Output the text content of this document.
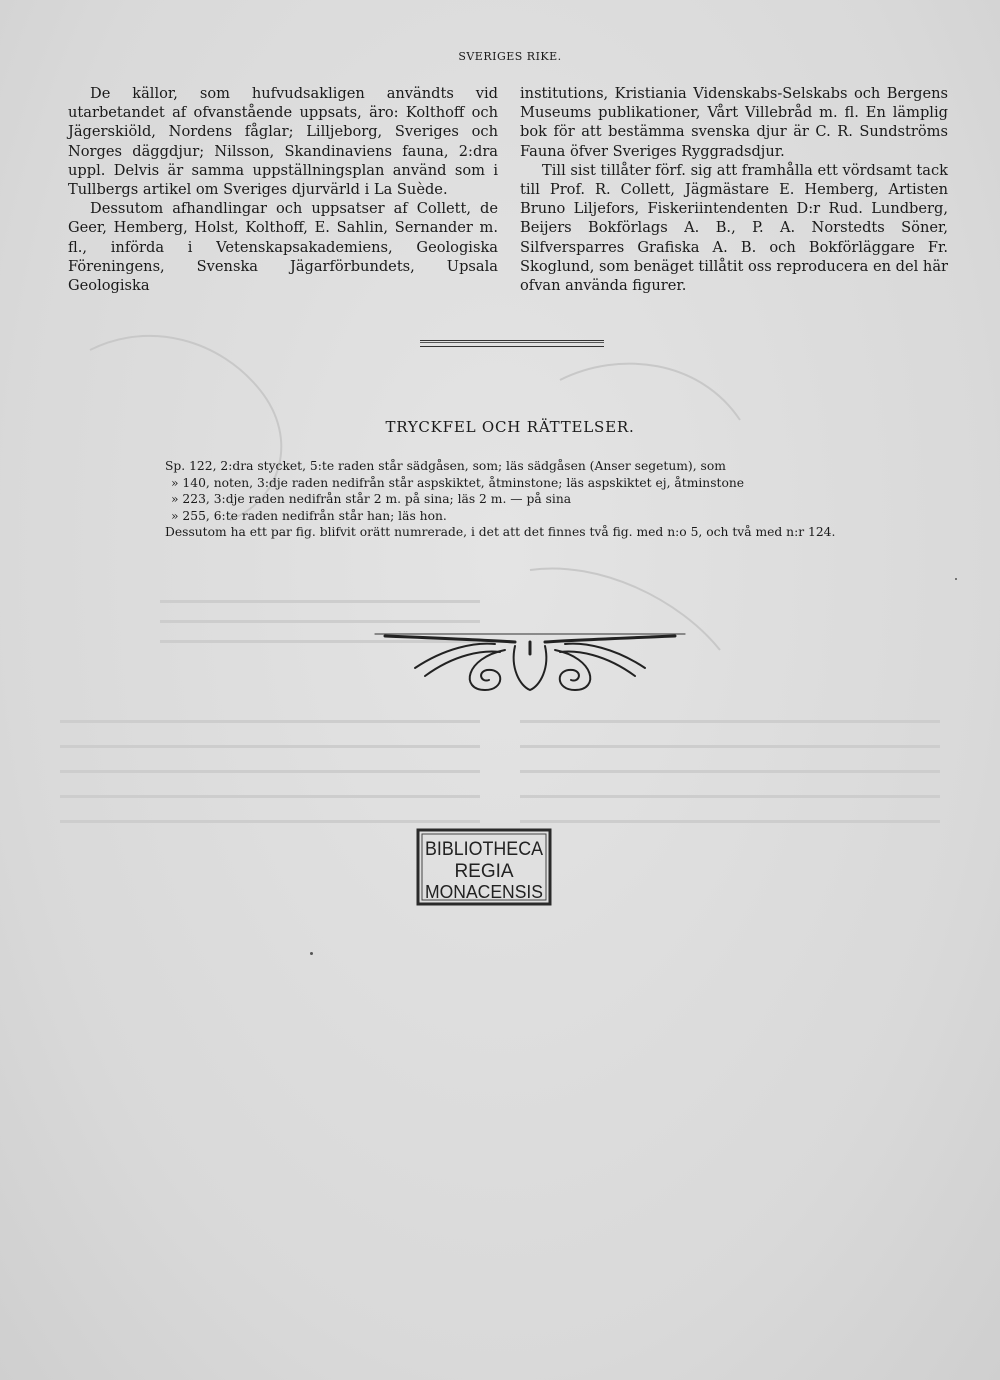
SVERIGES RIKE.

De källor, som hufvudsakligen användts vid utarbetandet af ofvanstående uppsats, äro: Kolthoff och Jägerskiöld, Nordens fåglar; Lilljeborg, Sveriges och Norges däggdjur; Nilsson, Skandinaviens fauna, 2:dra uppl. Delvis är samma uppställningsplan använd som i Tullbergs artikel om Sveriges djurvärld i La Suède.

Dessutom afhandlingar och uppsatser af Collett, de Geer, Hemberg, Holst, Kolthoff, E. Sahlin, Sernander m. fl., införda i Vetenskapsakademiens, Geologiska Föreningens, Svenska Jägarförbundets, Upsala Geologiska

institutions, Kristiania Videnskabs-Selskabs och Bergens Museums publikationer, Vårt Villebråd m. fl. En lämplig bok för att bestämma svenska djur är C. R. Sundströms Fauna öfver Sveriges Ryggradsdjur.

Till sist tillåter förf. sig att framhålla ett vördsamt tack till Prof. R. Collett, Jägmästare E. Hemberg, Artisten Bruno Liljefors, Fiskeriintendenten D:r Rud. Lundberg, Beijers Bokförlags A. B., P. A. Norstedts Söner, Silfversparres Grafiska A. B. och Bokförläggare Fr. Skoglund, som benäget tillåtit oss reproducera en del här ofvan använda figurer.

TRYCKFEL OCH RÄTTELSER.
Sp. 122, 2:dra stycket, 5:te raden står sädgåsen, som; läs sädgåsen (Anser segetum), som
» 140, noten, 3:dje raden nedifrån står aspskiktet, åtminstone; läs aspskiktet ej, åtminstone
» 223, 3:dje raden nedifrån står 2 m. på sina; läs 2 m. — på sina
» 255, 6:te raden nedifrån står han; läs hon.
Dessutom ha ett par fig. blifvit orätt numrerade, i det att det finnes två fig. med n:o 5, och två med n:r 124.
BIBLIOTHECA
REGIA
MONACENSIS
